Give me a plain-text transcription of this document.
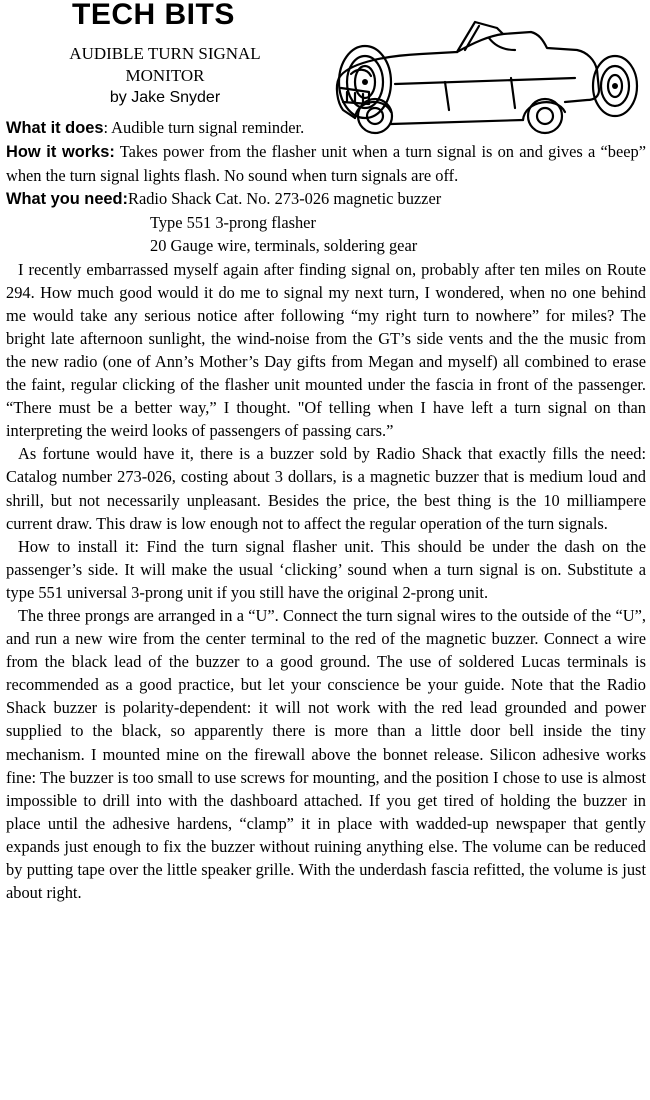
TECH BITS
AUDIBLE TURN SIGNAL
MONITOR
by Jake Snyder

What it does: Audible turn signal reminder.

How it works: Takes power from the flasher unit when a turn signal is on and gives a “beep” when the turn signal lights flash. No sound when turn signals are off.

What you need:Radio Shack Cat. No. 273-026 magnetic buzzer
Type 551 3-prong flasher
20 Gauge wire, terminals, soldering gear

I recently embarrassed myself again after finding signal on, probably after ten miles on Route 294. How much good would it do me to signal my next turn, I wondered, when no one behind me would take any serious notice after following “my right turn to nowhere” for miles? The bright late afternoon sunlight, the wind-noise from the GT’s side vents and the the music from the new radio (one of Ann’s Mother’s Day gifts from Megan and myself) all combined to erase the faint, regular clicking of the flasher unit mounted under the fascia in front of the passenger. “There must be a better way,” I thought. "Of telling when I have left a turn signal on than interpreting the weird looks of passengers of passing cars.”

As fortune would have it, there is a buzzer sold by Radio Shack that exactly fills the need: Catalog number 273-026, costing about 3 dollars, is a magnetic buzzer that is medium loud and shrill, but not necessarily unpleasant. Besides the price, the best thing is the 10 milliampere current draw. This draw is low enough not to affect the regular operation of the turn signals.

How to install it: Find the turn signal flasher unit. This should be under the dash on the passenger’s side. It will make the usual ‘clicking’ sound when a turn signal is on. Substitute a type 551 universal 3-prong unit if you still have the original 2-prong unit.

The three prongs are arranged in a “U”. Connect the turn signal wires to the outside of the “U”, and run a new wire from the center terminal to the red of the magnetic buzzer. Connect a wire from the black lead of the buzzer to a good ground. The use of soldered Lucas terminals is recommended as a good practice, but let your conscience be your guide. Note that the Radio Shack buzzer is polarity-dependent: it will not work with the red lead grounded and power supplied to the black, so apparently there is more than a little door bell inside the tiny mechanism. I mounted mine on the firewall above the bonnet release. Silicon adhesive works fine: The buzzer is too small to use screws for mounting, and the position I chose to use is almost impossible to drill into with the dashboard attached. If you get tired of holding the buzzer in place until the adhesive hardens, “clamp” it in place with wadded-up newspaper that gently expands just enough to fix the buzzer without ruining anything else. The volume can be reduced by putting tape over the little speaker grille. With the underdash fascia refitted, the volume is just about right.
